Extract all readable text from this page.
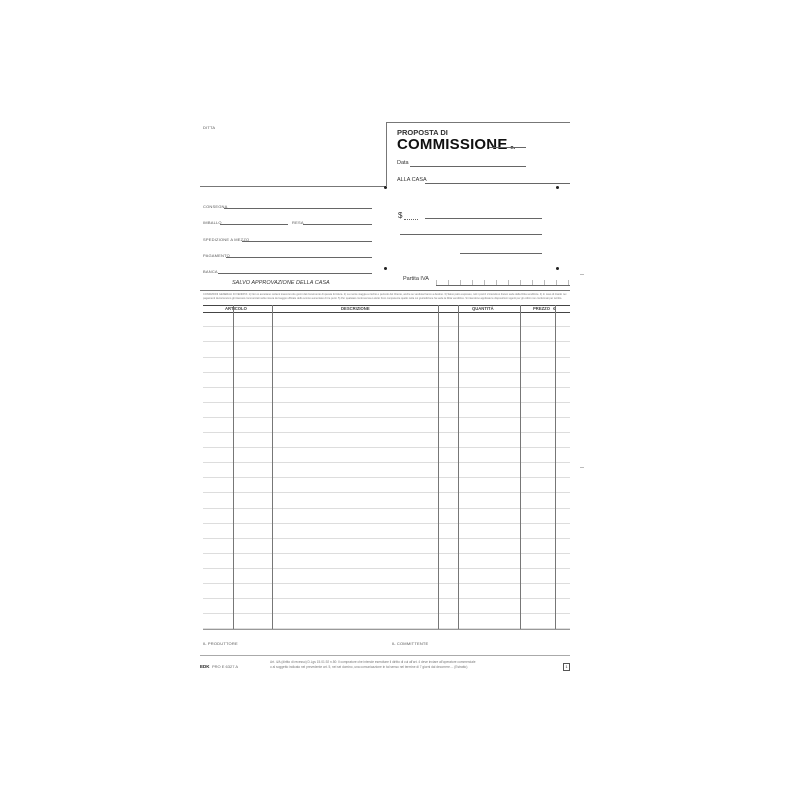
DITTA
PROPOSTA DI
COMMISSIONE n.
Data
ALLA CASA
CONSEGNA
IMBALLO	RESA
SPEDIZIONE A MEZZO
PAGAMENTO
BANCA
SALVO APPROVAZIONE DELLA CASA
$
Partita IVA
CONDIZIONI GENERALI DI VENDITA: 1) Non si accettano reclami trascorsi otto giorni dal ricevimento di questa fornitura. 2) La merce viaggia a rischio e pericolo del Cliente, anche se venduta franco a destino. 3) Salvo patto espresso, tutti i prezzi s'intendono franco sede della Ditta venditrice. 4) In caso di ritardo nei pagamenti decorreranno gli interessi commerciali nella misura del saggio ufficiale dello sconto aumentato di tre punti. 5) Per qualsiasi controversia è eletto Foro competente quello nella cui giurisdizione ha sede la Ditta venditrice. Si intendono applicate le disposizioni vigenti per gli ordini non confermati per iscritto.
ARTICOLO	DESCRIZIONE	QUANTITÀ	PREZZO €
IL PRODUTTORE	IL COMMITTENTE
EDK PRO E 6327 A
Art. 4/A (diritto di recesso) D.Lgs 15.01.92 n.50: Il compratore che intende esercitare il diritto di cui all'art. 4 deve inviare all'operatore commerciale
o al soggetto indicato nel prevedente art. 5, nei sei domino, una comunicazione in tal senso nel termine di 7 giorni dal decorrere.... (Estratto)	1
